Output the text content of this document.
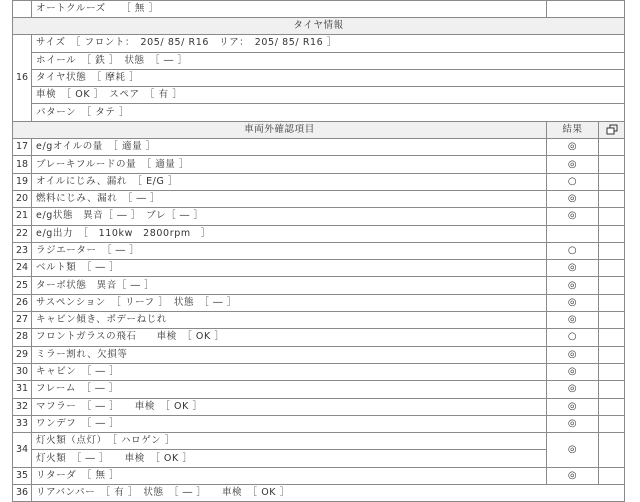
	オートクルーズ　　［ 無 ］		
タイヤ情報			
16	サイズ　［ フロント：　205/ 85/ R16　リア：　205/ 85/ R16 ］		
	ホイール　［ 鉄 ］　状態　［ ― ］		
	タイヤ状態　［ 摩耗 ］		
	車検　［ OK ］　スペア　［ 有 ］		
	パターン　［ タテ ］		
車両外確認項目		結果	
17	e/gオイルの量　［ 適量 ］	◎	
18	ブレーキフルードの量　［ 適量 ］	◎	
19	オイルにじみ、漏れ　［ E/G ］	○	
20	燃料にじみ、漏れ　［ ― ］	◎	
21	e/g状態　異音［ ― ］　ブレ［ ― ］	◎	
22	e/g出力　［　110kw　2800rpm　］		
23	ラジエーター　［ ― ］	○	
24	ベルト類　［ ― ］	◎	
25	ターボ状態　異音［ ― ］	◎	
26	サスペンション　［ リーフ ］　状態　［ ― ］	◎	
27	キャビン傾き、ボデーねじれ	◎	
28	フロントガラスの飛石　　車検　［ OK ］	○	
29	ミラー割れ、欠損等	◎	
30	キャビン　［ ― ］	◎	
31	フレーム　［ ― ］	◎	
32	マフラー　［ ― ］　　車検　［ OK ］	◎	
33	ワンデフ　［ ― ］	◎	
34	灯火類（点灯）　［ ハロゲン ］	◎	
	灯火類　［ ― ］　　車検　［ OK ］		
35	リターダ　［ 無 ］	◎	
36	リアバンパー　［ 有 ］　状態　［ ― ］　　車検　［ OK ］		
